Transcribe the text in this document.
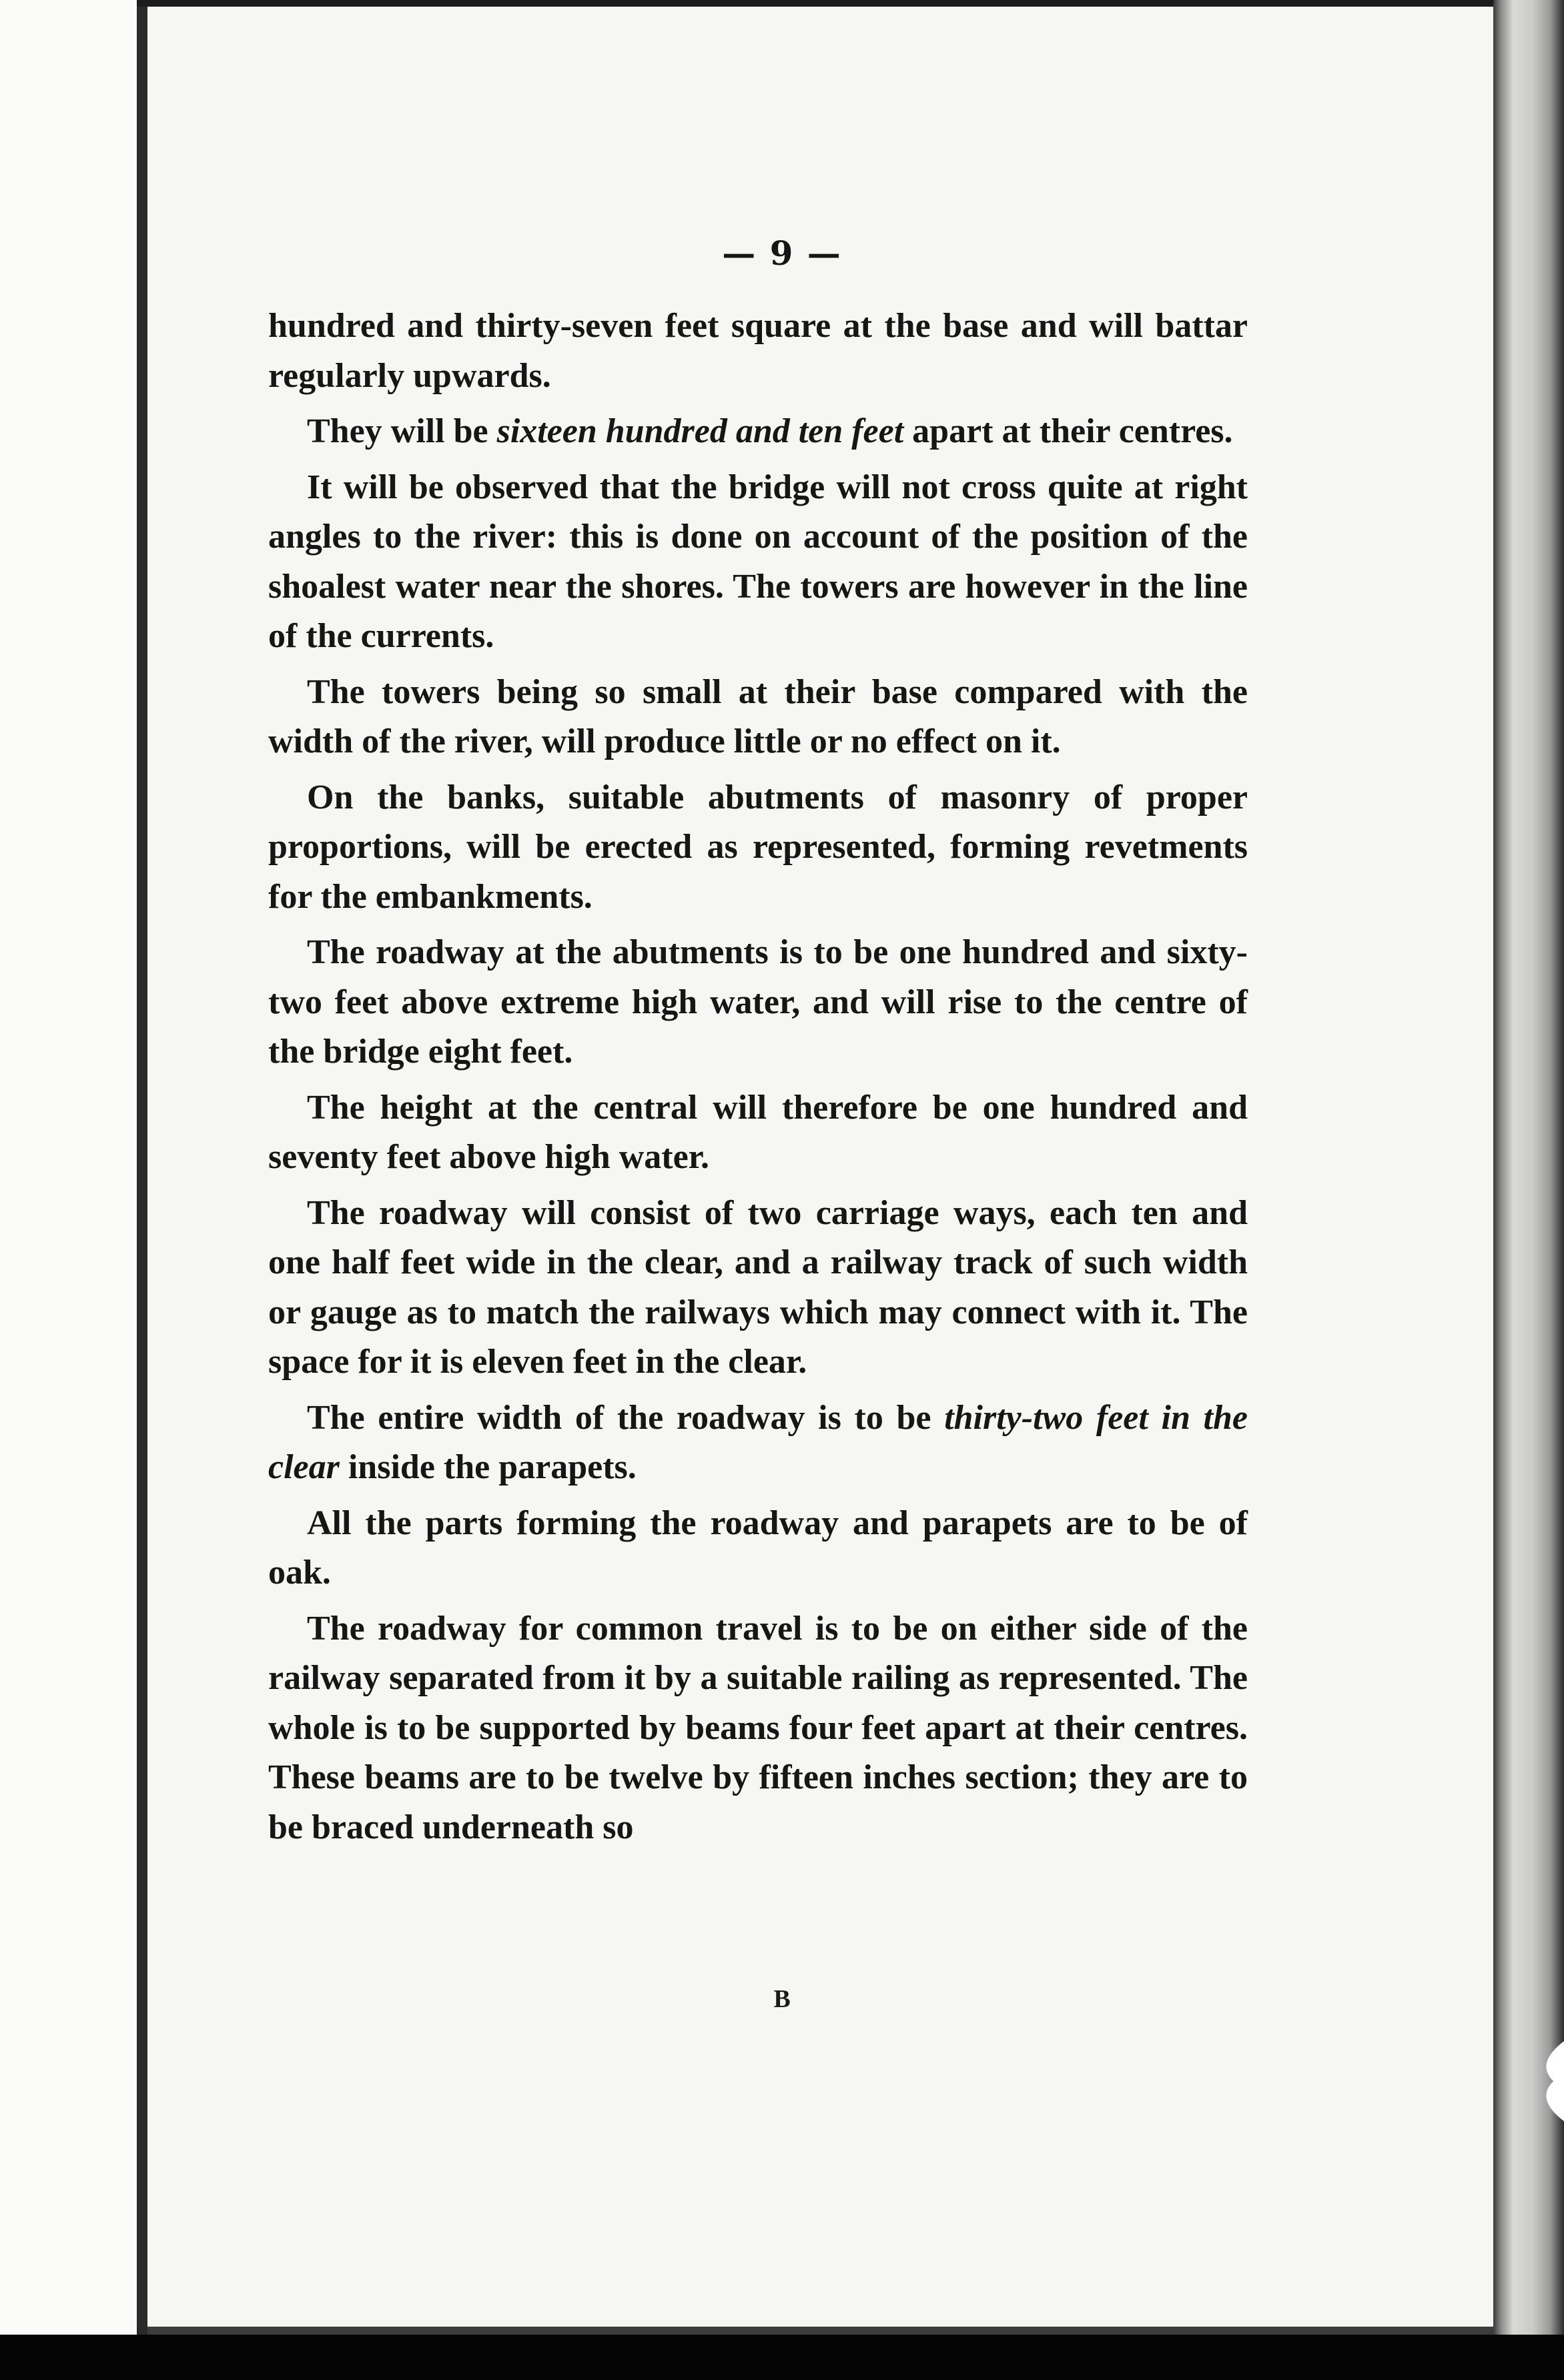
— 9 —

hundred and thirty-seven feet square at the base and will battar regularly upwards.

They will be sixteen hundred and ten feet apart at their centres.

It will be observed that the bridge will not cross quite at right angles to the river: this is done on account of the position of the shoalest water near the shores. The towers are however in the line of the currents.

The towers being so small at their base compared with the width of the river, will produce little or no effect on it.

On the banks, suitable abutments of masonry of proper proportions, will be erected as represented, forming revetments for the embankments.

The roadway at the abutments is to be one hundred and sixty-two feet above extreme high water, and will rise to the centre of the bridge eight feet.

The height at the central will therefore be one hundred and seventy feet above high water.

The roadway will consist of two carriage ways, each ten and one half feet wide in the clear, and a railway track of such width or gauge as to match the railways which may connect with it. The space for it is eleven feet in the clear.

The entire width of the roadway is to be thirty-two feet in the clear inside the parapets.

All the parts forming the roadway and parapets are to be of oak.

The roadway for common travel is to be on either side of the railway separated from it by a suitable railing as represented. The whole is to be supported by beams four feet apart at their centres. These beams are to be twelve by fifteen inches section; they are to be braced underneath so

B
